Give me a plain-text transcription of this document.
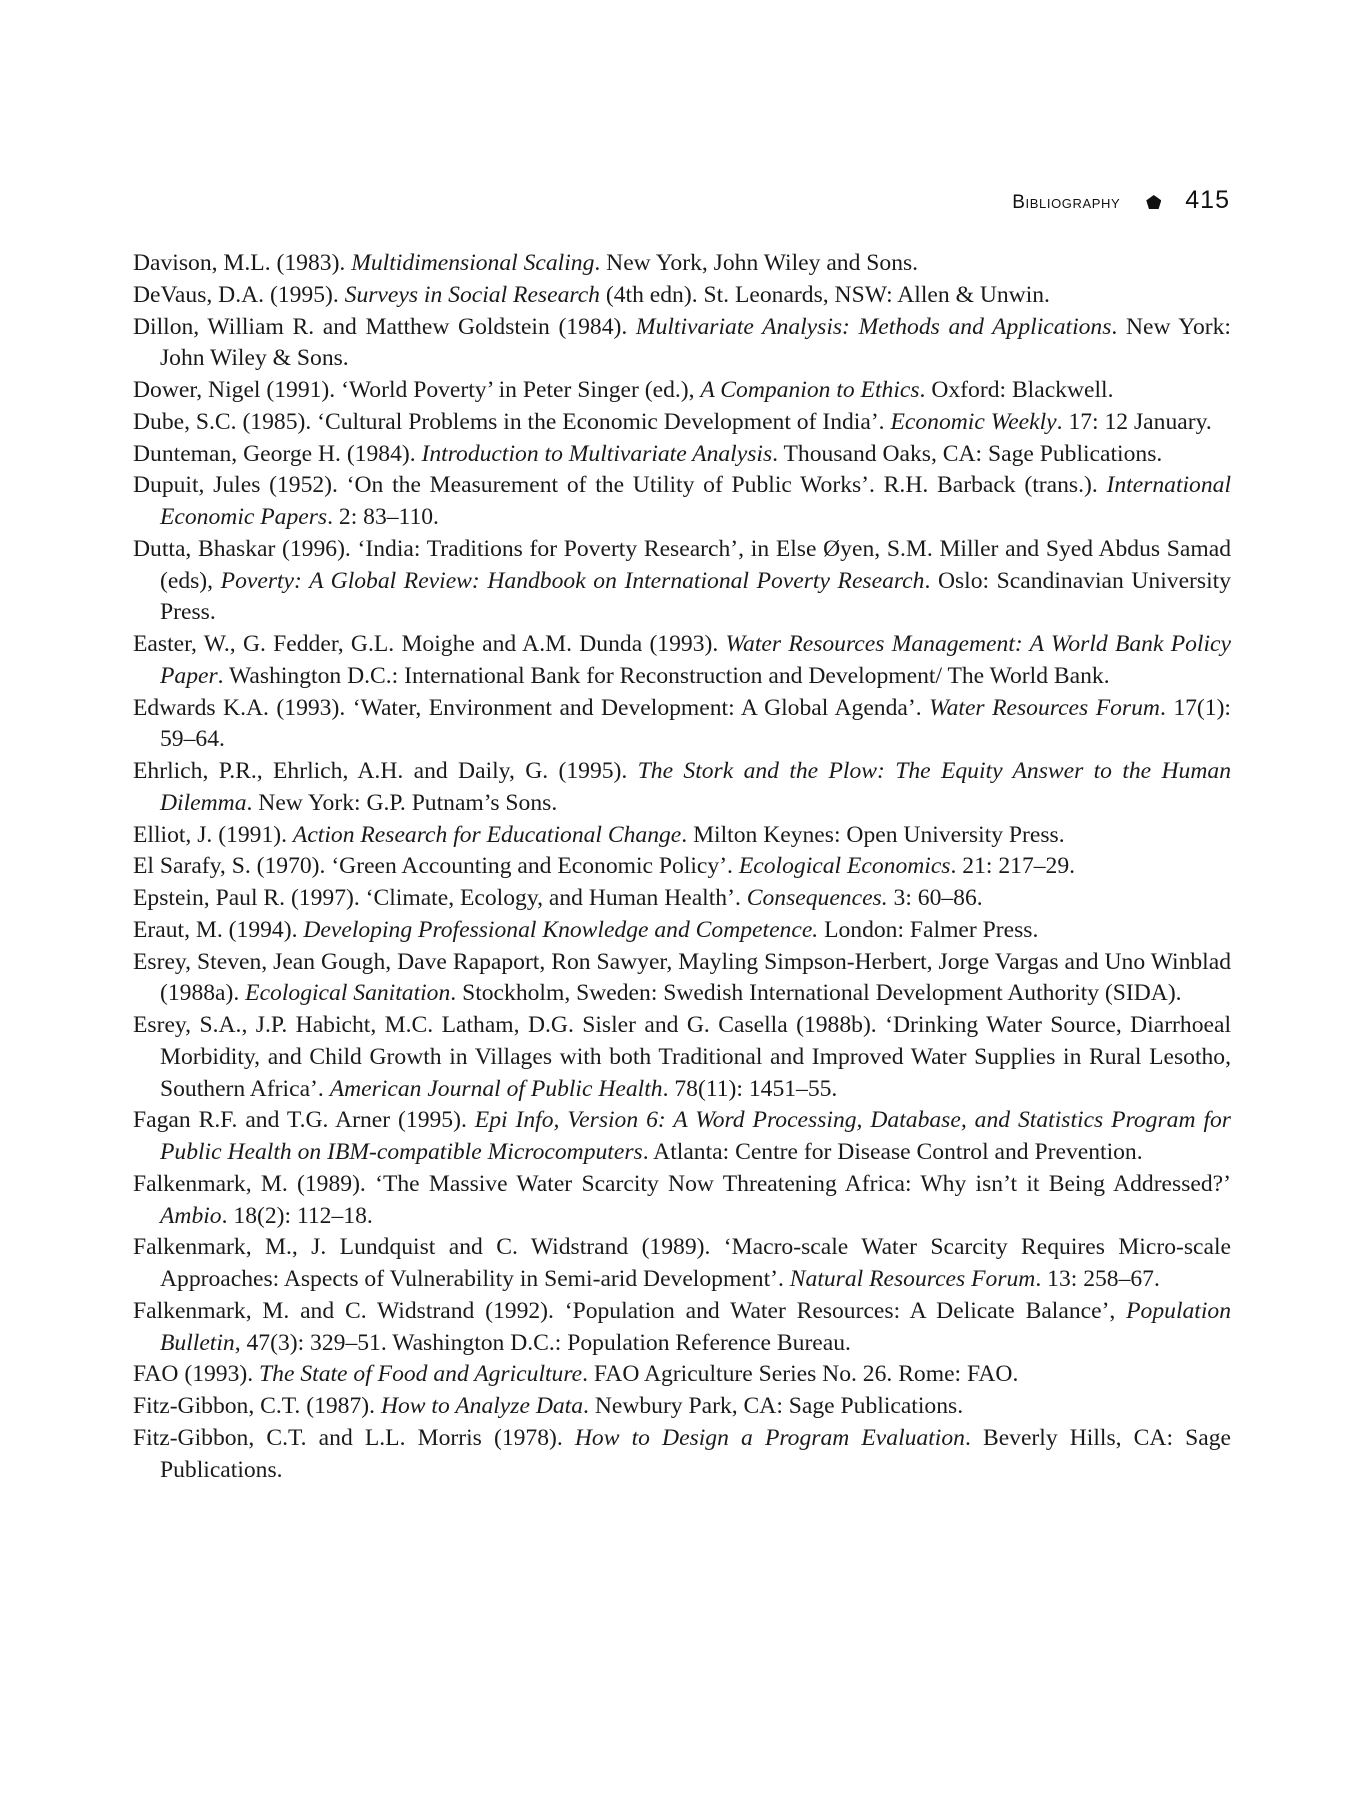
Bibliography	415
Davison, M.L. (1983). Multidimensional Scaling. New York, John Wiley and Sons.
DeVaus, D.A. (1995). Surveys in Social Research (4th edn). St. Leonards, NSW: Allen & Unwin.
Dillon, William R. and Matthew Goldstein (1984). Multivariate Analysis: Methods and Applications. New York: John Wiley & Sons.
Dower, Nigel (1991). ‘World Poverty’ in Peter Singer (ed.), A Companion to Ethics. Oxford: Blackwell.
Dube, S.C. (1985). ‘Cultural Problems in the Economic Development of India’. Economic Weekly. 17: 12 January.
Dunteman, George H. (1984). Introduction to Multivariate Analysis. Thousand Oaks, CA: Sage Publications.
Dupuit, Jules (1952). ‘On the Measurement of the Utility of Public Works’. R.H. Barback (trans.). International Economic Papers. 2: 83–110.
Dutta, Bhaskar (1996). ‘India: Traditions for Poverty Research’, in Else Øyen, S.M. Miller and Syed Abdus Samad (eds), Poverty: A Global Review: Handbook on International Poverty Research. Oslo: Scandinavian University Press.
Easter, W., G. Fedder, G.L. Moighe and A.M. Dunda (1993). Water Resources Management: A World Bank Policy Paper. Washington D.C.: International Bank for Reconstruction and Development/ The World Bank.
Edwards K.A. (1993). ‘Water, Environment and Development: A Global Agenda’. Water Resources Forum. 17(1): 59–64.
Ehrlich, P.R., Ehrlich, A.H. and Daily, G. (1995). The Stork and the Plow: The Equity Answer to the Human Dilemma. New York: G.P. Putnam’s Sons.
Elliot, J. (1991). Action Research for Educational Change. Milton Keynes: Open University Press.
El Sarafy, S. (1970). ‘Green Accounting and Economic Policy’. Ecological Economics. 21: 217–29.
Epstein, Paul R. (1997). ‘Climate, Ecology, and Human Health’. Consequences. 3: 60–86.
Eraut, M. (1994). Developing Professional Knowledge and Competence. London: Falmer Press.
Esrey, Steven, Jean Gough, Dave Rapaport, Ron Sawyer, Mayling Simpson-Herbert, Jorge Vargas and Uno Winblad (1988a). Ecological Sanitation. Stockholm, Sweden: Swedish International Development Authority (SIDA).
Esrey, S.A., J.P. Habicht, M.C. Latham, D.G. Sisler and G. Casella (1988b). ‘Drinking Water Source, Diarrhoeal Morbidity, and Child Growth in Villages with both Traditional and Improved Water Supplies in Rural Lesotho, Southern Africa’. American Journal of Public Health. 78(11): 1451–55.
Fagan R.F. and T.G. Arner (1995). Epi Info, Version 6: A Word Processing, Database, and Statistics Program for Public Health on IBM-compatible Microcomputers. Atlanta: Centre for Disease Control and Prevention.
Falkenmark, M. (1989). ‘The Massive Water Scarcity Now Threatening Africa: Why isn’t it Being Addressed?’ Ambio. 18(2): 112–18.
Falkenmark, M., J. Lundquist and C. Widstrand (1989). ‘Macro-scale Water Scarcity Requires Micro-scale Approaches: Aspects of Vulnerability in Semi-arid Development’. Natural Resources Forum. 13: 258–67.
Falkenmark, M. and C. Widstrand (1992). ‘Population and Water Resources: A Delicate Balance’, Population Bulletin, 47(3): 329–51. Washington D.C.: Population Reference Bureau.
FAO (1993). The State of Food and Agriculture. FAO Agriculture Series No. 26. Rome: FAO.
Fitz-Gibbon, C.T. (1987). How to Analyze Data. Newbury Park, CA: Sage Publications.
Fitz-Gibbon, C.T. and L.L. Morris (1978). How to Design a Program Evaluation. Beverly Hills, CA: Sage Publications.
